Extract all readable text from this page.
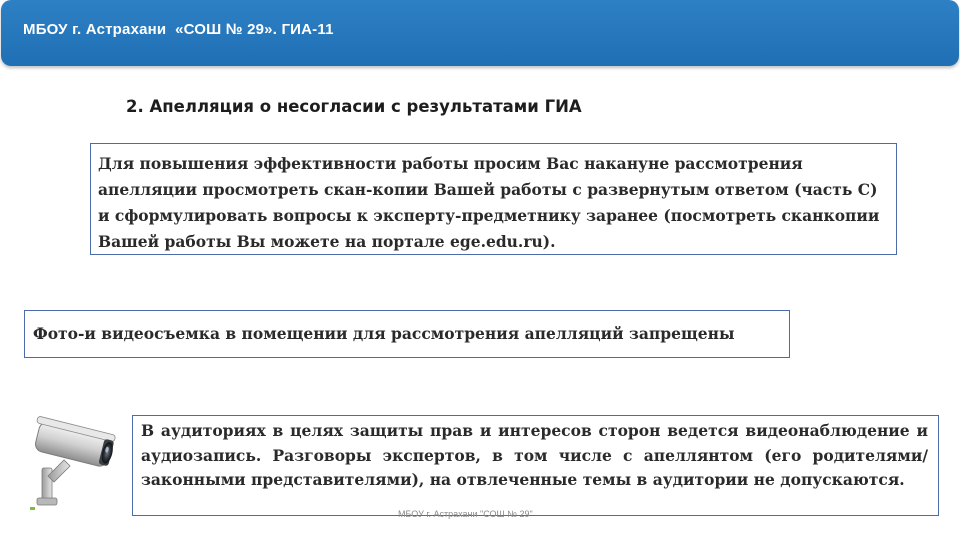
МБОУ г. Астрахани  «СОШ № 29». ГИА-11
2. Апелляция о несогласии с результатами ГИА
Для повышения эффективности работы просим Вас накануне рассмотрения апелляции просмотреть скан-копии Вашей работы с развернутым ответом (часть С) и сформулировать вопросы к эксперту-предметнику заранее (посмотреть сканкопии Вашей работы Вы можете на портале ege.edu.ru).
Фото-и видеосъемка в помещении для рассмотрения апелляций запрещены
В аудиториях в целях защиты прав и интересов сторон ведется видеонаблюдение и аудиозапись. Разговоры экспертов, в том числе с апеллянтом (его родителями/законными представителями), на отвлеченные темы в аудитории не допускаются.
МБОУ г. Астрахани "СОШ № 29"
